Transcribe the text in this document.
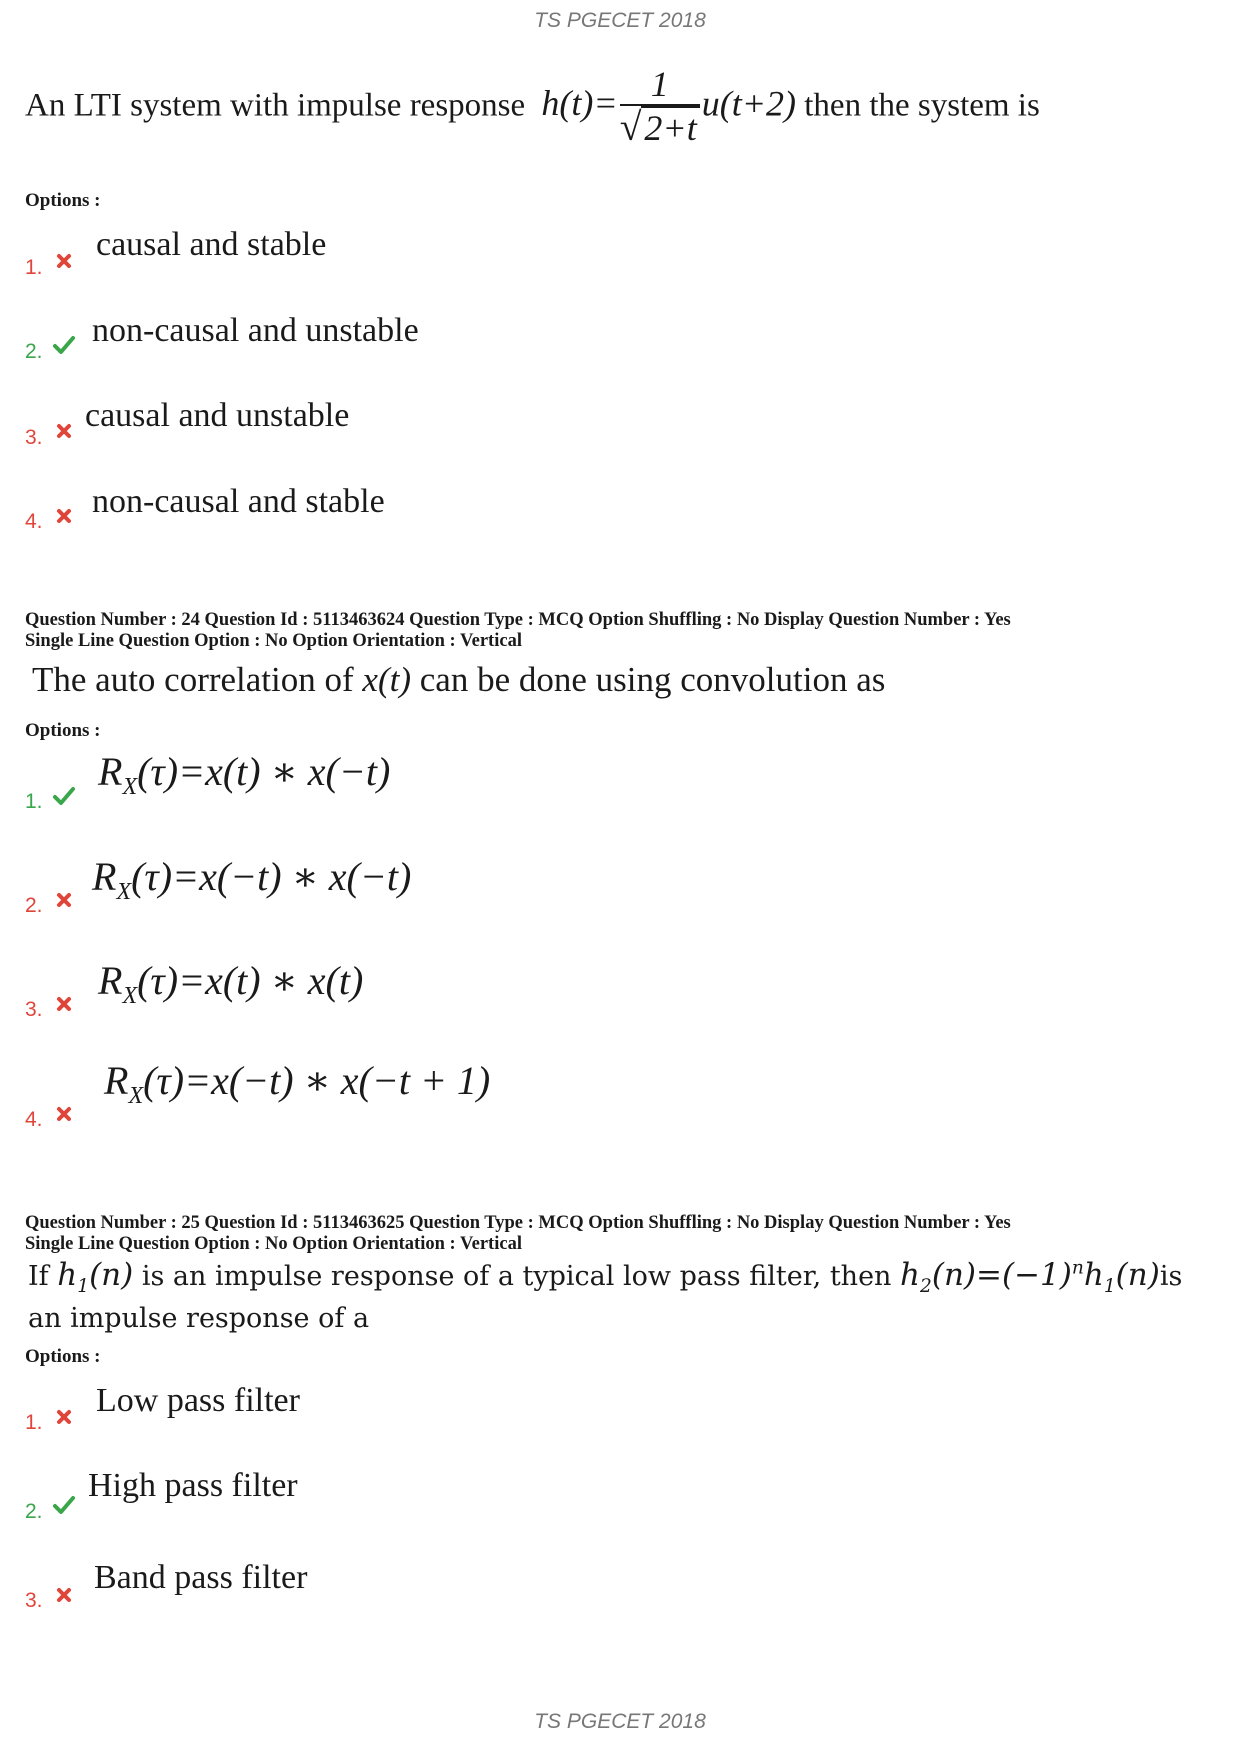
TS PGECET 2018
An LTI system with impulse response $h(t)= \frac{1}{√2+t} u(t+2)$ then the system is
Options :
1.
causal and stable
2.
non-causal and unstable
3.
causal and unstable
4.
non-causal and stable
Question Number : 24 Question Id : 5113463624 Question Type : MCQ Option Shuffling : No Display Question Number : Yes
Single Line Question Option : No Option Orientation : Vertical
The auto correlation of x(t) can be done using convolution as
Options :
1.
$R_X(\tau)=x(t)$ ∗ x(−t)
2.
$R_X(\tau)=x(-t)$ ∗ x(−t)
3.
$R_X(\tau)=x(t)$ ∗ x(t)
4.
$R_X(\tau)=x(-t)$ ∗ x(−t + 1)
Question Number : 25 Question Id : 5113463625 Question Type : MCQ Option Shuffling : No Display Question Number : Yes
Single Line Question Option : No Option Orientation : Vertical
If $h_1(n)$ is an impulse response of a typical low pass filter, then $h_2(n)=(-1)^nh_1(n)is$
an impulse response of a
Options :
1.
Low pass filter
2.
High pass filter
3.
Band pass filter
TS PGECET 2018
